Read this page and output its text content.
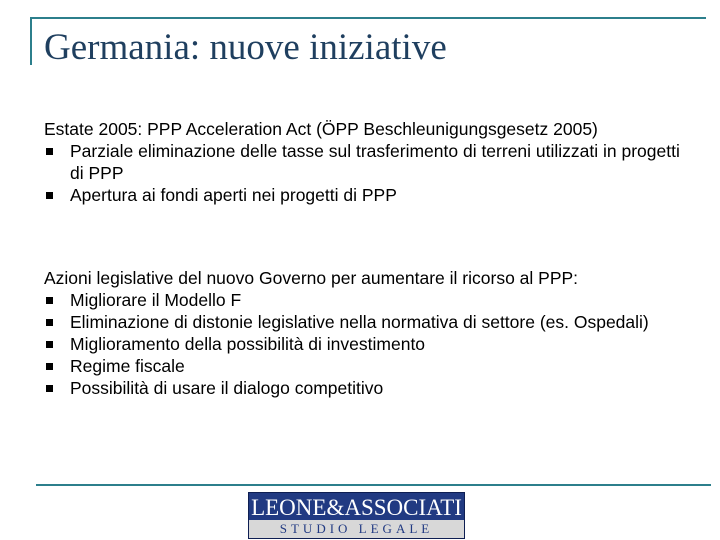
Germania: nuove iniziative
Estate 2005: PPP Acceleration Act (ÖPP Beschleunigungsgesetz 2005)
Parziale eliminazione delle tasse sul trasferimento di terreni utilizzati in progetti di PPP
Apertura ai fondi aperti nei progetti di PPP
Azioni legislative del nuovo Governo per aumentare il ricorso al PPP:
Migliorare il Modello F
Eliminazione di distonie legislative nella normativa di settore (es. Ospedali)
Miglioramento della possibilità di investimento
Regime fiscale
Possibilità di usare il dialogo competitivo
LEONE&ASSOCIATI
STUDIO LEGALE
